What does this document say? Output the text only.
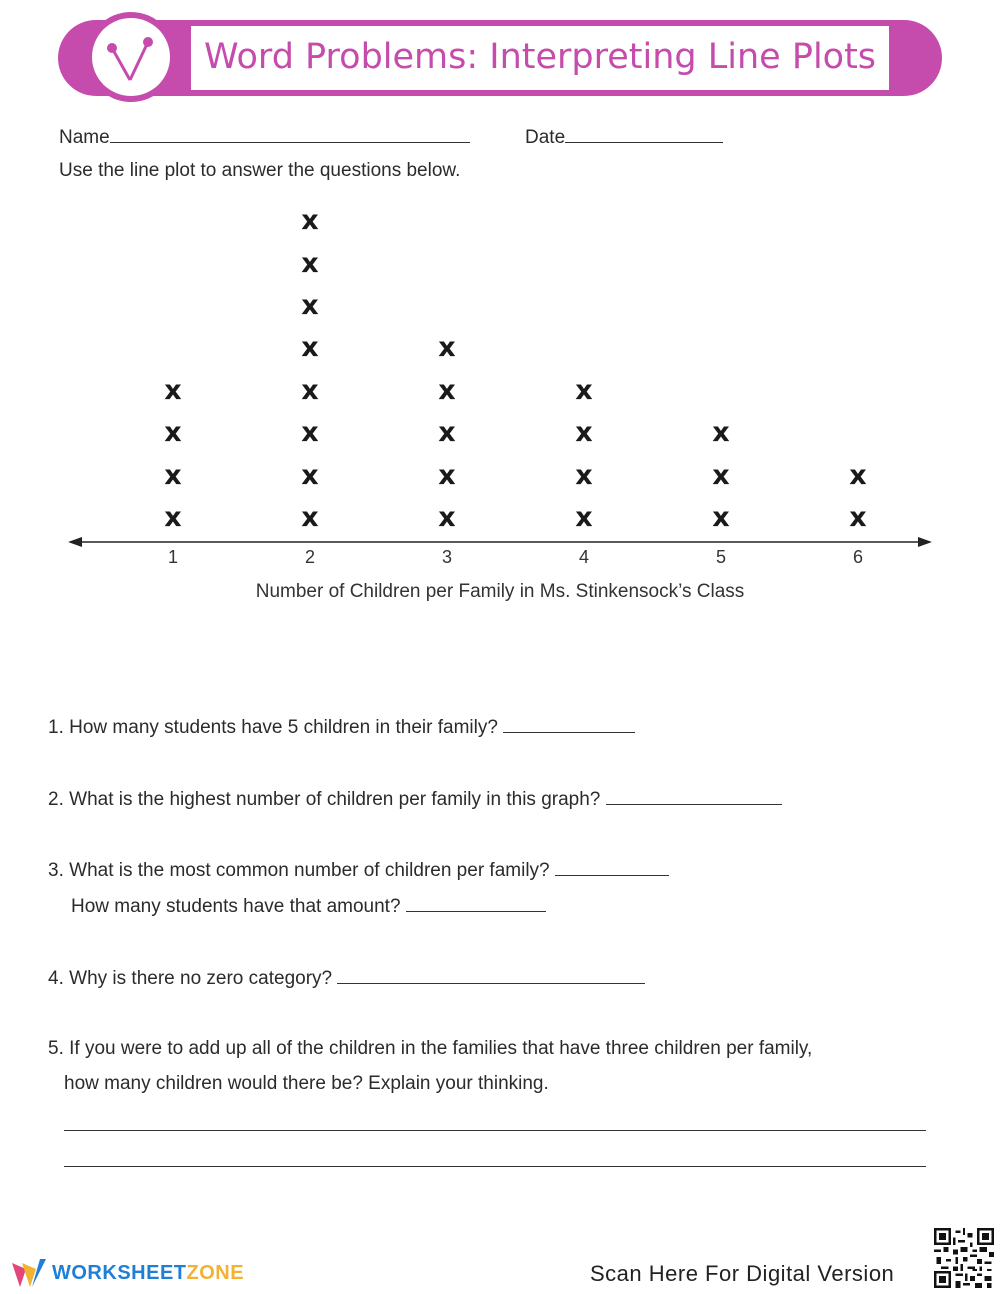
Word Problems: Interpreting Line Plots
Name	Date
Use the line plot to answer the questions below.
1
x
x
x
x
2
x
x
x
x
x
x
x
x
3
x
x
x
x
x
4
x
x
x
x
5
x
x
x
6
x
x
Number of Children per Family in Ms. Stinkensock’s Class
1. How many students have 5 children in their family?
2. What is the highest number of children per family in this graph?
3. What is the most common number of children per family?
How many students have that amount?
4. Why is there no zero category?
5. If you were to add up all of the children in the families that have three children per family,
how many children would there be? Explain your thinking.
WORKSHEETZONE	Scan Here For Digital Version
